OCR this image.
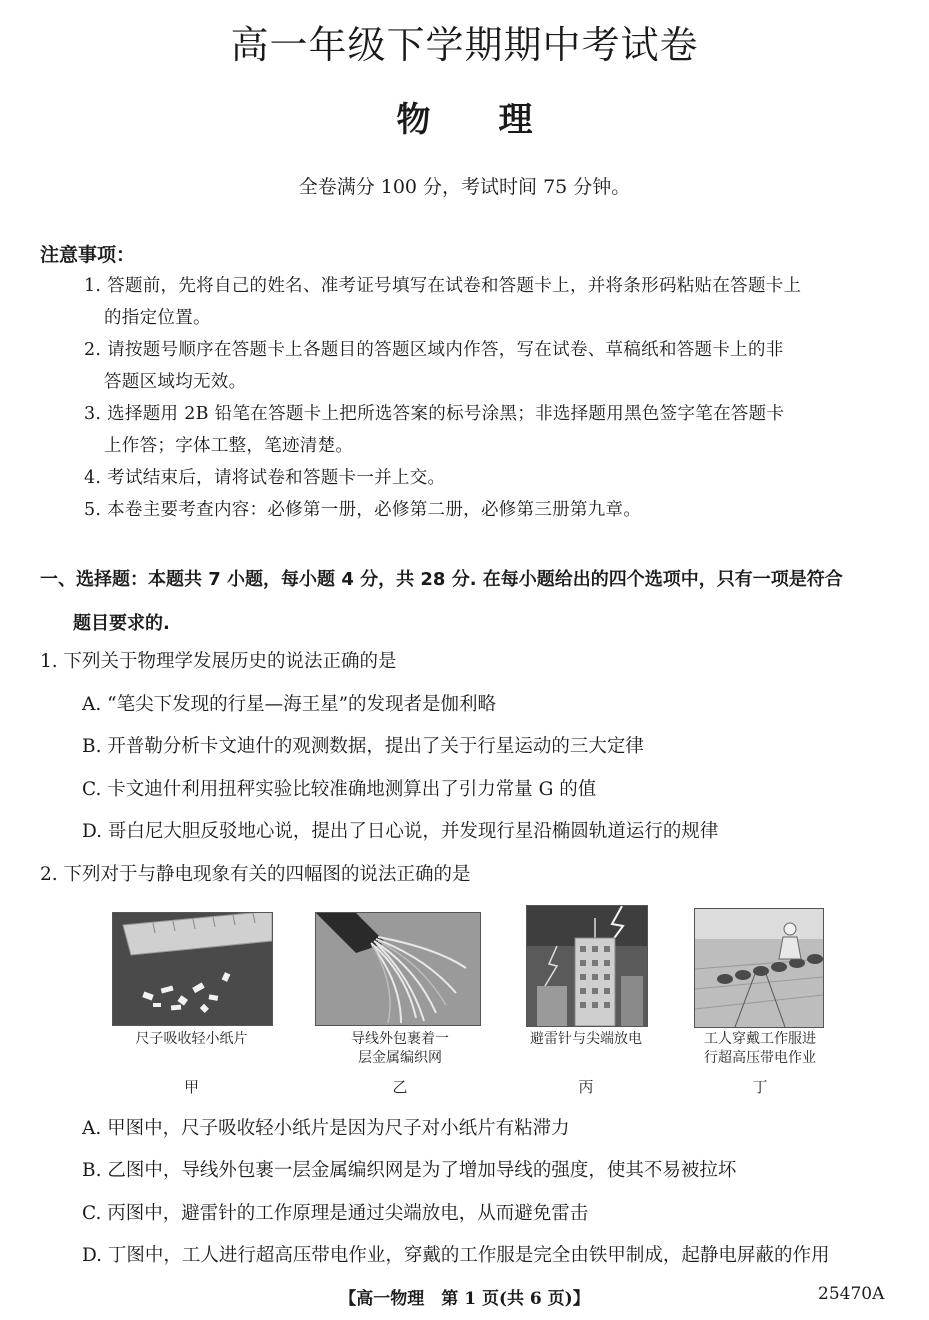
高一年级下学期期中考试卷
物 理
全卷满分 100 分，考试时间 75 分钟。
注意事项：
1. 答题前，先将自己的姓名、准考证号填写在试卷和答题卡上，并将条形码粘贴在答题卡上
的指定位置。
2. 请按题号顺序在答题卡上各题目的答题区域内作答，写在试卷、草稿纸和答题卡上的非
答题区域均无效。
3. 选择题用 2B 铅笔在答题卡上把所选答案的标号涂黑；非选择题用黑色签字笔在答题卡
上作答；字体工整，笔迹清楚。
4. 考试结束后，请将试卷和答题卡一并上交。
5. 本卷主要考查内容：必修第一册，必修第二册，必修第三册第九章。
一、选择题：本题共 7 小题，每小题 4 分，共 28 分. 在每小题给出的四个选项中，只有一项是符合
题目要求的.
1. 下列关于物理学发展历史的说法正确的是
A. “笔尖下发现的行星—海王星”的发现者是伽利略
B. 开普勒分析卡文迪什的观测数据，提出了关于行星运动的三大定律
C. 卡文迪什利用扭秤实验比较准确地测算出了引力常量 G 的值
D. 哥白尼大胆反驳地心说，提出了日心说，并发现行星沿椭圆轨道运行的规律
2. 下列对于与静电现象有关的四幅图的说法正确的是
尺子吸收轻小纸片
甲
导线外包裹着一
层金属编织网
乙
避雷针与尖端放电
丙
工人穿戴工作服进
行超高压带电作业
丁
A. 甲图中，尺子吸收轻小纸片是因为尺子对小纸片有粘滞力
B. 乙图中，导线外包裹一层金属编织网是为了增加导线的强度，使其不易被拉坏
C. 丙图中，避雷针的工作原理是通过尖端放电，从而避免雷击
D. 丁图中，工人进行超高压带电作业，穿戴的工作服是完全由铁甲制成，起静电屏蔽的作用
【高一物理　第 1 页(共 6 页)】	25470A
